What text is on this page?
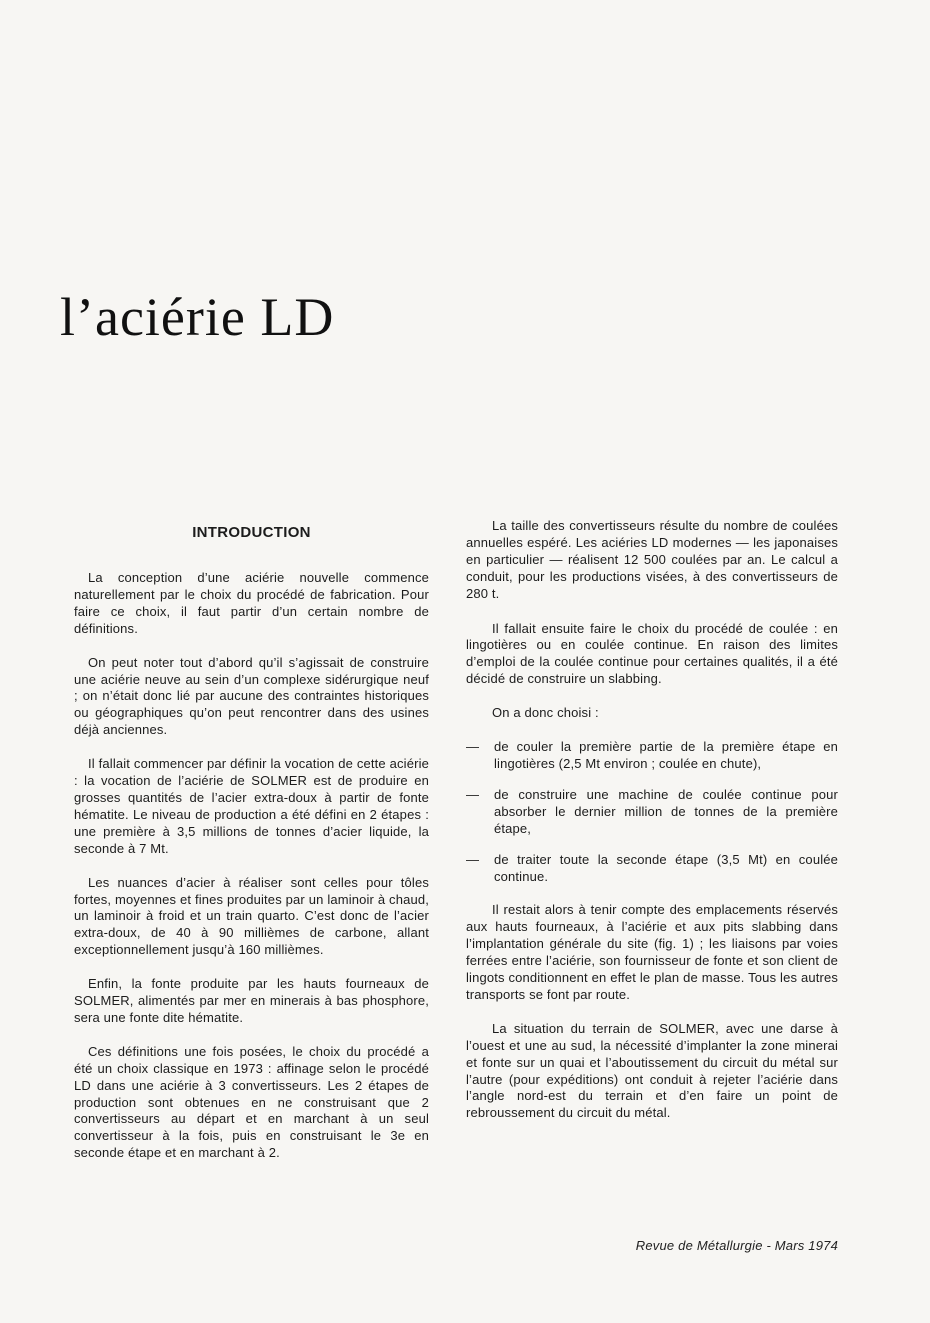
l’aciérie LD
INTRODUCTION

La conception d’une aciérie nouvelle commence naturellement par le choix du procédé de fabrication. Pour faire ce choix, il faut partir d’un certain nombre de définitions.

On peut noter tout d’abord qu’il s’agissait de construire une aciérie neuve au sein d’un complexe sidérurgique neuf ; on n’était donc lié par aucune des contraintes historiques ou géographiques qu’on peut rencontrer dans des usines déjà anciennes.

Il fallait commencer par définir la vocation de cette aciérie : la vocation de l’aciérie de SOLMER est de produire en grosses quantités de l’acier extra-doux à partir de fonte hématite. Le niveau de production a été défini en 2 étapes : une première à 3,5 millions de tonnes d’acier liquide, la seconde à 7 Mt.

Les nuances d’acier à réaliser sont celles pour tôles fortes, moyennes et fines produites par un laminoir à chaud, un laminoir à froid et un train quarto. C’est donc de l’acier extra-doux, de 40 à 90 millièmes de carbone, allant exceptionnellement jusqu’à 160 millièmes.

Enfin, la fonte produite par les hauts fourneaux de SOLMER, alimentés par mer en minerais à bas phosphore, sera une fonte dite hématite.

Ces définitions une fois posées, le choix du procédé a été un choix classique en 1973 : affinage selon le procédé LD dans une aciérie à 3 convertisseurs. Les 2 étapes de production sont obtenues en ne construisant que 2 convertisseurs au départ et en marchant à un seul convertisseur à la fois, puis en construisant le 3e en seconde étape et en marchant à 2.

La taille des convertisseurs résulte du nombre de coulées annuelles espéré. Les aciéries LD modernes — les japonaises en particulier — réalisent 12 500 coulées par an. Le calcul a conduit, pour les productions visées, à des convertisseurs de 280 t.

Il fallait ensuite faire le choix du procédé de coulée : en lingotières ou en coulée continue. En raison des limites d’emploi de la coulée continue pour certaines qualités, il a été décidé de construire un slabbing.

On a donc choisi :

— de couler la première partie de la première étape en lingotières (2,5 Mt environ ; coulée en chute),
— de construire une machine de coulée continue pour absorber le dernier million de tonnes de la première étape,
— de traiter toute la seconde étape (3,5 Mt) en coulée continue.

Il restait alors à tenir compte des emplacements réservés aux hauts fourneaux, à l’aciérie et aux pits slabbing dans l’implantation générale du site (fig. 1) ; les liaisons par voies ferrées entre l’aciérie, son fournisseur de fonte et son client de lingots conditionnent en effet le plan de masse. Tous les autres transports se font par route.

La situation du terrain de SOLMER, avec une darse à l’ouest et une au sud, la nécessité d’implanter la zone minerai et fonte sur un quai et l’aboutissement du circuit du métal sur l’autre (pour expéditions) ont conduit à rejeter l’aciérie dans l’angle nord-est du terrain et d’en faire un point de rebroussement du circuit du métal.

Revue de Métallurgie - Mars 1974
